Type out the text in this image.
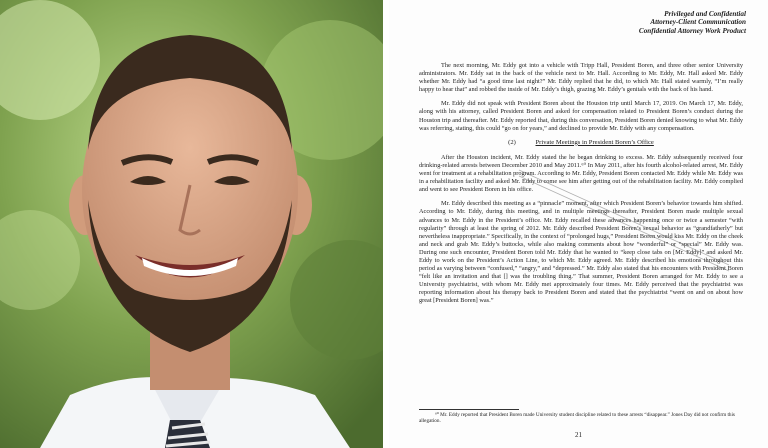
Privileged and Confidential
Attorney-Client Communication
Confidential Attorney Work Product

The next morning, Mr. Eddy got into a vehicle with Tripp Hall, President Boren, and three other senior University administrators. Mr. Eddy sat in the back of the vehicle next to Mr. Hall. According to Mr. Eddy, Mr. Hall asked Mr. Eddy whether Mr. Eddy had “a good time last night?” Mr. Eddy replied that he did, to which Mr. Hall stated warmly, “I’m really happy to hear that” and robbed the inside of Mr. Eddy’s thigh, grazing Mr. Eddy’s genitals with the back of his hand.

Mr. Eddy did not speak with President Boren about the Houston trip until March 17, 2019. On March 17, Mr. Eddy, along with his attorney, called President Boren and asked for compensation related to President Boren’s conduct during the Houston trip and thereafter. Mr. Eddy reported that, during this conversation, President Boren denied knowing to what Mr. Eddy was referring, stating, this could “go on for years,” and declined to provide Mr. Eddy with any compensation.

(2)	Private Meetings in President Boren’s Office

After the Houston incident, Mr. Eddy stated the he began drinking to excess. Mr. Eddy subsequently received four drinking-related arrests between December 2010 and May 2011.⁶⁰ In May 2011, after his fourth alcohol-related arrest, Mr. Eddy went for treatment at a rehabilitation program. According to Mr. Eddy, President Boren contacted Mr. Eddy while Mr. Eddy was in a rehabilitation facility and asked Mr. Eddy to come see him after getting out of the rehabilitation facility. Mr. Eddy complied and went to see President Boren in his office.

Mr. Eddy described this meeting as a “pinnacle” moment, after which President Boren’s behavior towards him shifted. According to Mr. Eddy, during this meeting, and in multiple meetings thereafter, President Boren made multiple sexual advances to Mr. Eddy in the President’s office. Mr. Eddy recalled these advances happening once or twice a semester “with regularity” through at least the spring of 2012. Mr. Eddy described President Boren’s sexual behavior as “grandfatherly” but nevertheless inappropriate.” Specifically, in the context of “prolonged hugs,” President Boren would kiss Mr. Eddy on the cheek and neck and grab Mr. Eddy’s buttocks, while also making comments about how “wonderful” or “special” Mr. Eddy was. During one such encounter, President Boren told Mr. Eddy that he wanted to “keep close tabs on [Mr. Eddy]” and asked Mr. Eddy to work on the President’s Action Line, to which Mr. Eddy agreed. Mr. Eddy described his emotions throughout this period as varying between “confused,” “angry,” and “depressed.” Mr. Eddy also stated that his encounters with President Boren “felt like an invitation and that [] was the troubling thing.” That summer, President Boren arranged for Mr. Eddy to see a University psychiatrist, with whom Mr. Eddy met approximately four times. Mr. Eddy perceived that the psychiatrist was reporting information about his therapy back to President Boren and stated that the psychiatrist “went on and on about how great [President Boren] was.”

⁶⁰ Mr. Eddy reported that President Boren made University student discipline related to these arrests “disappear.” Jones Day did not confirm this allegation.
21
